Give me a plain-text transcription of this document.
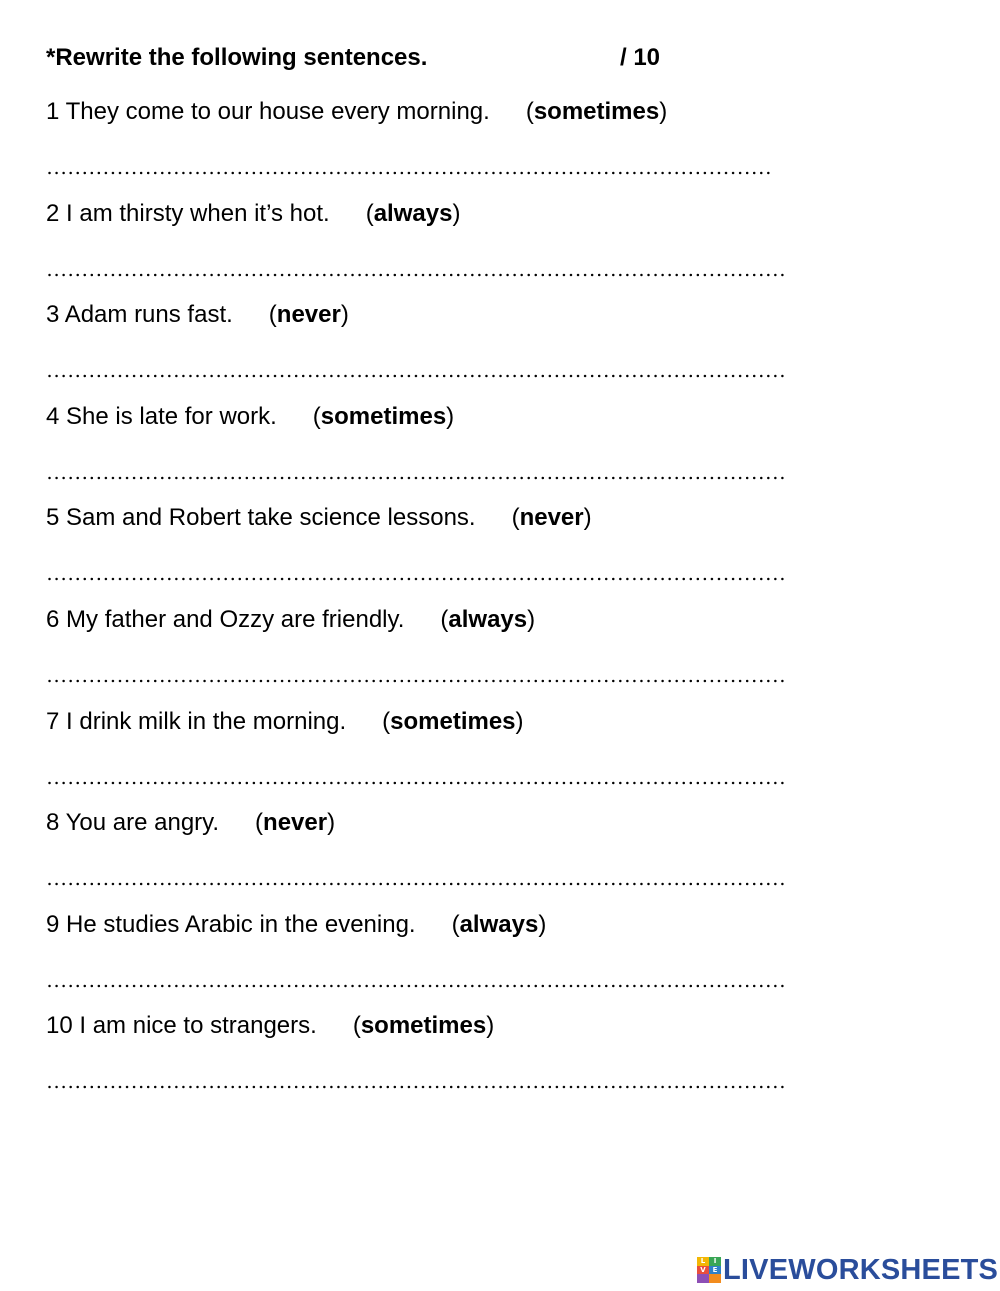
*Rewrite the following sentences.	/ 10
1 They come to our house every morning. (sometimes)
2 I am thirsty when it’s hot. (always)
3 Adam runs fast. (never)
4 She is late for work. (sometimes)
5 Sam and Robert take science lessons. (never)
6 My father and Ozzy are friendly. (always)
7 I drink milk in the morning. (sometimes)
8 You are angry. (never)
9 He studies Arabic in the evening. (always)
10 I am nice to strangers. (sometimes)
L	I
V E LIVEWORKSHEETS
